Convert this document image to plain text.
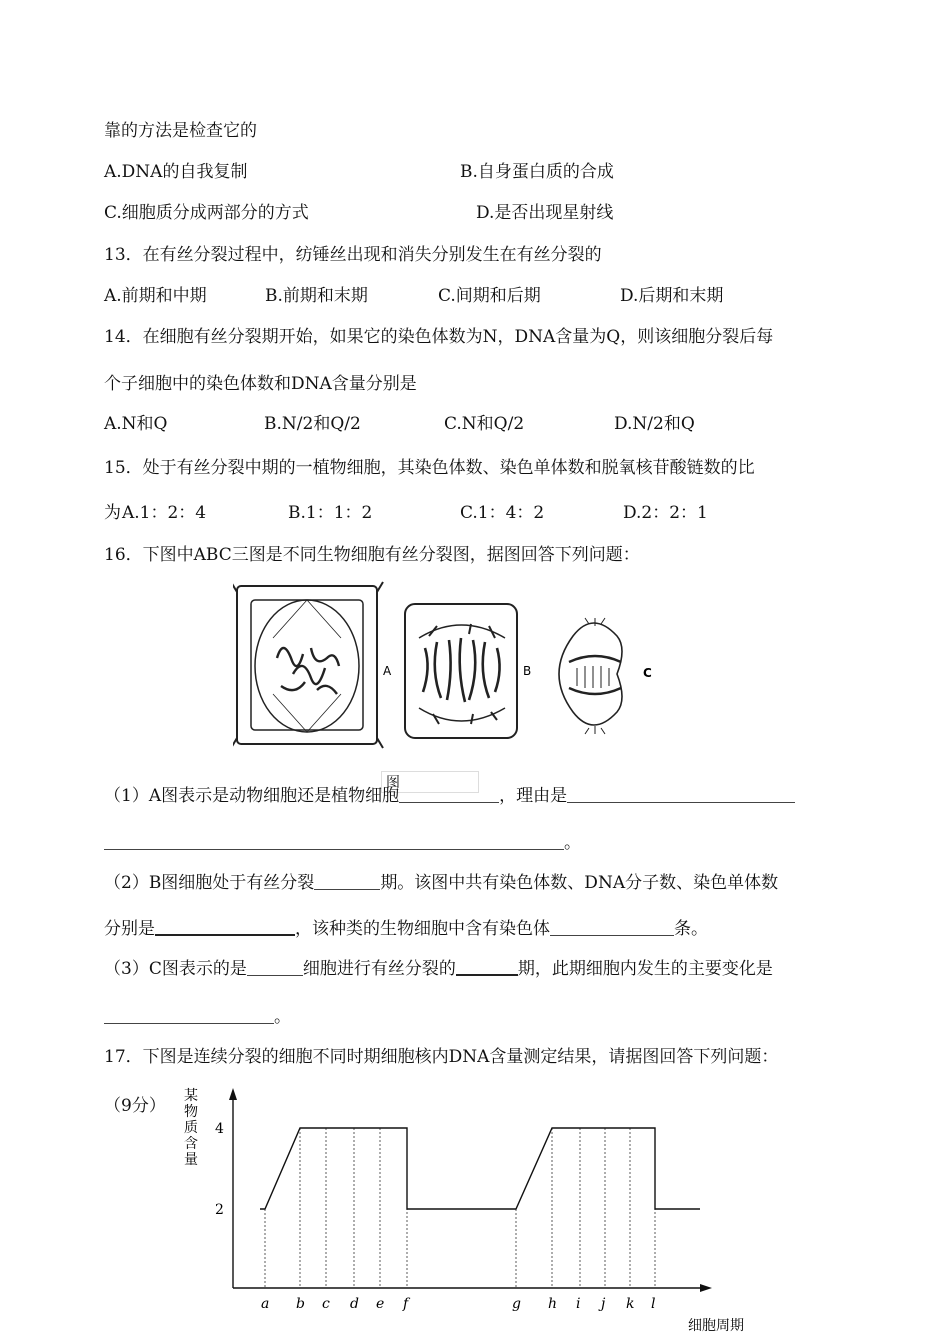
靠的方法是检查它的
A.DNA的自我复制	B.自身蛋白质的合成
C.细胞质分成两部分的方式	D.是否出现星射线
13．在有丝分裂过程中，纺锤丝出现和消失分别发生在有丝分裂的
A.前期和中期	B.前期和末期	C.间期和后期	D.后期和末期
14．在细胞有丝分裂期开始，如果它的染色体数为N，DNA含量为Q，则该细胞分裂后每
个子细胞中的染色体数和DNA含量分别是
A.N和Q	B.N/2和Q/2	C.N和Q/2	D.N/2和Q
15．处于有丝分裂中期的一植物细胞，其染色体数、染色单体数和脱氧核苷酸链数的比
为 A.1：2：4	B.1：1：2	C.1：4：2	D.2：2：1
16．下图中ABC三图是不同生物细胞有丝分裂图，据图回答下列问题：
A	B	C
图
（1）A图表示是动物细胞还是植物细胞	，理由是
。
（2）B图细胞处于有丝分裂	期。该图中共有染色体数、DNA分子数、染色单体数
分别是	，该种类的生物细胞中含有染色体	条。
（3）C图表示的是	细胞进行有丝分裂的	期，此期细胞内发生的主要变化是
。
17．下图是连续分裂的细胞不同时期细胞核内DNA含量测定结果，请据图回答下列问题：
（9分）
2
4
a b c d e f	g h i j k l
细胞周期
某
物
质
含
量
